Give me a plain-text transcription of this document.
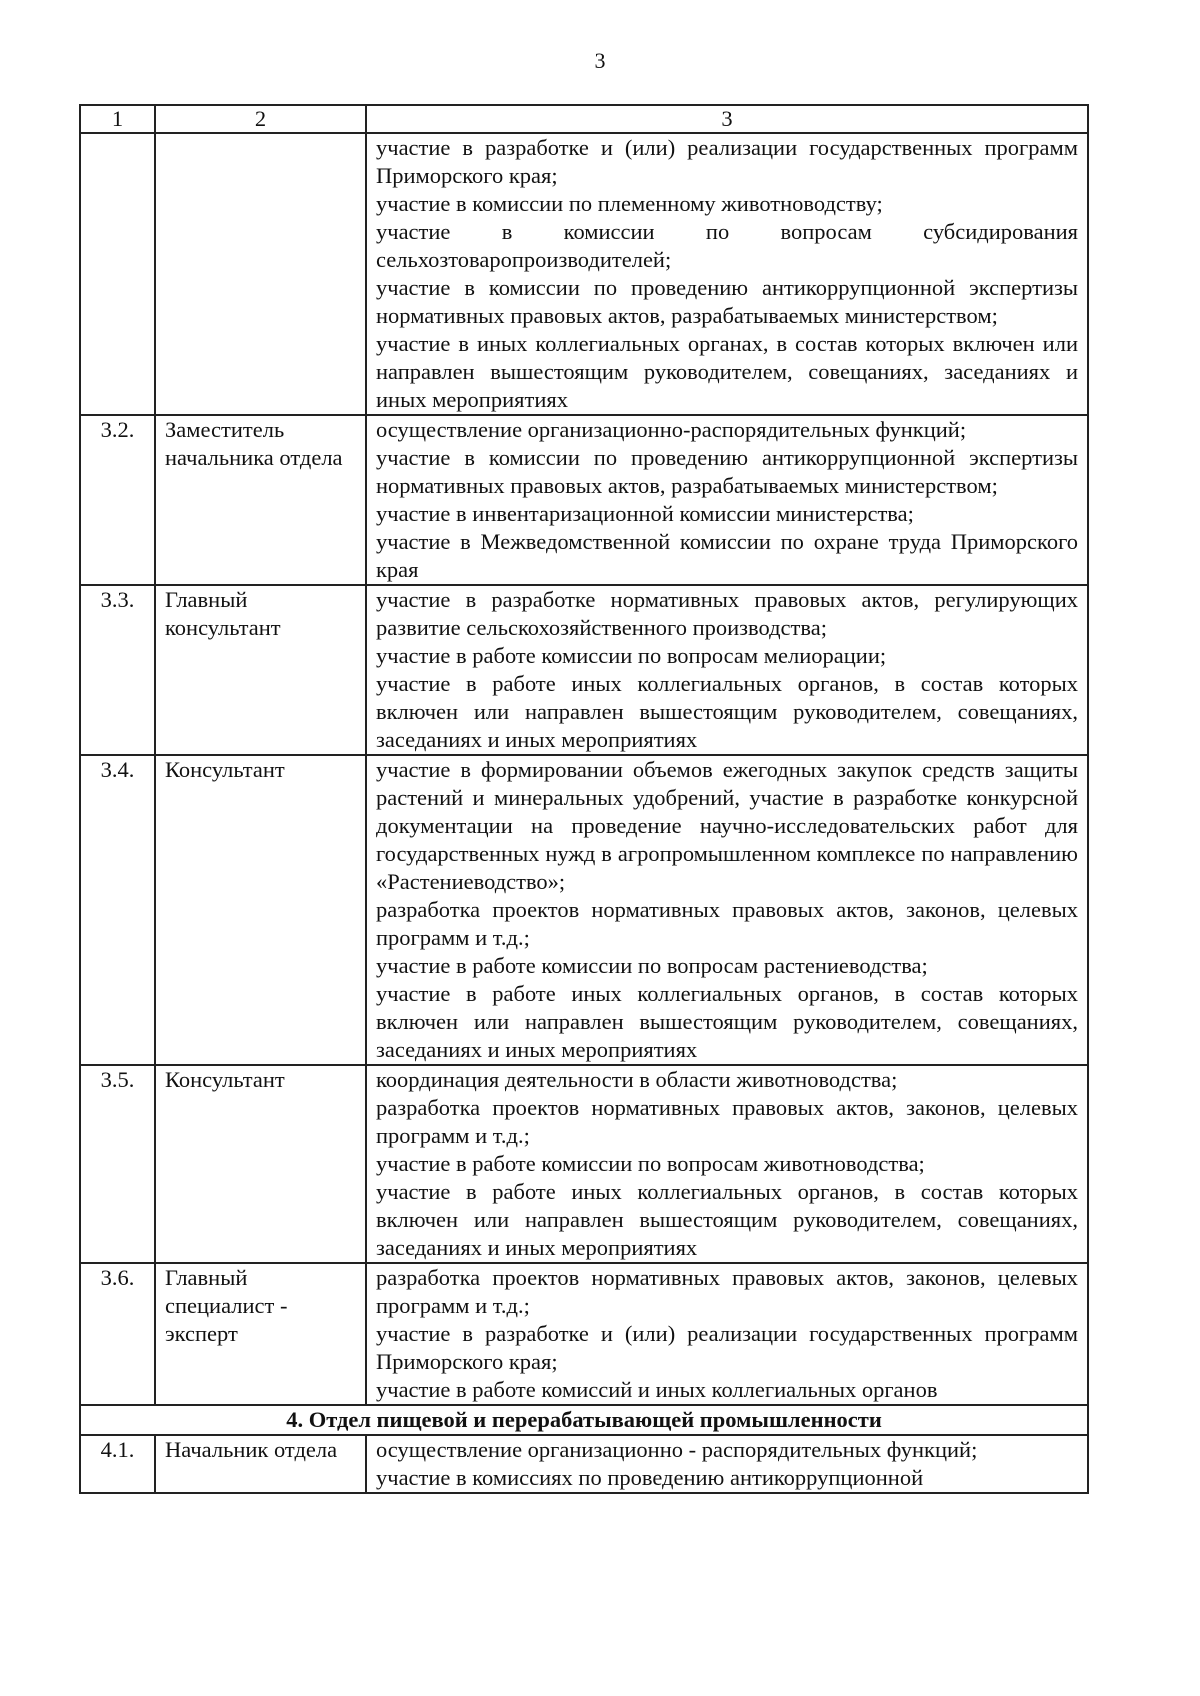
3
1	2	3

		участие в разработке и (или) реализации государственных программ Приморского края;
участие в комиссии по племенному животноводству;
участие в комиссии по вопросам субсидирования сельхозтоваропроизводителей;
участие в комиссии по проведению антикоррупционной экспертизы нормативных правовых актов, разрабатываемых министерством;
участие в иных коллегиальных органах, в состав которых включен или направлен вышестоящим руководителем, совещаниях, заседаниях и иных мероприятиях

3.2.	Заместитель начальника отдела	осуществление организационно-распорядительных функций;
участие в комиссии по проведению антикоррупционной экспертизы нормативных правовых актов, разрабатываемых министерством;
участие в инвентаризационной комиссии министерства;
участие в Межведомственной комиссии по охране труда Приморского края

3.3.	Главный консультант	участие в разработке нормативных правовых актов, регулирующих развитие сельскохозяйственного производства;
участие в работе комиссии по вопросам мелиорации;
участие в работе иных коллегиальных органов, в состав которых включен или направлен вышестоящим руководителем, совещаниях, заседаниях и иных мероприятиях

3.4.	Консультант	участие в формировании объемов ежегодных закупок средств защиты растений и минеральных удобрений, участие в разработке конкурсной документации на проведение научно-исследовательских работ для государственных нужд в агропромышленном комплексе по направлению «Растениеводство»;
разработка проектов нормативных правовых актов, законов, целевых программ и т.д.;
участие в работе комиссии по вопросам растениеводства;
участие в работе иных коллегиальных органов, в состав которых включен или направлен вышестоящим руководителем, совещаниях, заседаниях и иных мероприятиях

3.5.	Консультант	координация деятельности в области животноводства;
разработка проектов нормативных правовых актов, законов, целевых программ и т.д.;
участие в работе комиссии по вопросам животноводства;
участие в работе иных коллегиальных органов, в состав которых включен или направлен вышестоящим руководителем, совещаниях, заседаниях и иных мероприятиях

3.6.	Главный специалист - эксперт	разработка проектов нормативных правовых актов, законов, целевых программ и т.д.;
участие в разработке и (или) реализации государственных программ Приморского края;
участие в работе комиссий и иных коллегиальных органов

4. Отдел пищевой и перерабатывающей промышленности		
4.1.	Начальник отдела	осуществление организационно - распорядительных функций;
участие в комиссиях по проведению антикоррупционной
